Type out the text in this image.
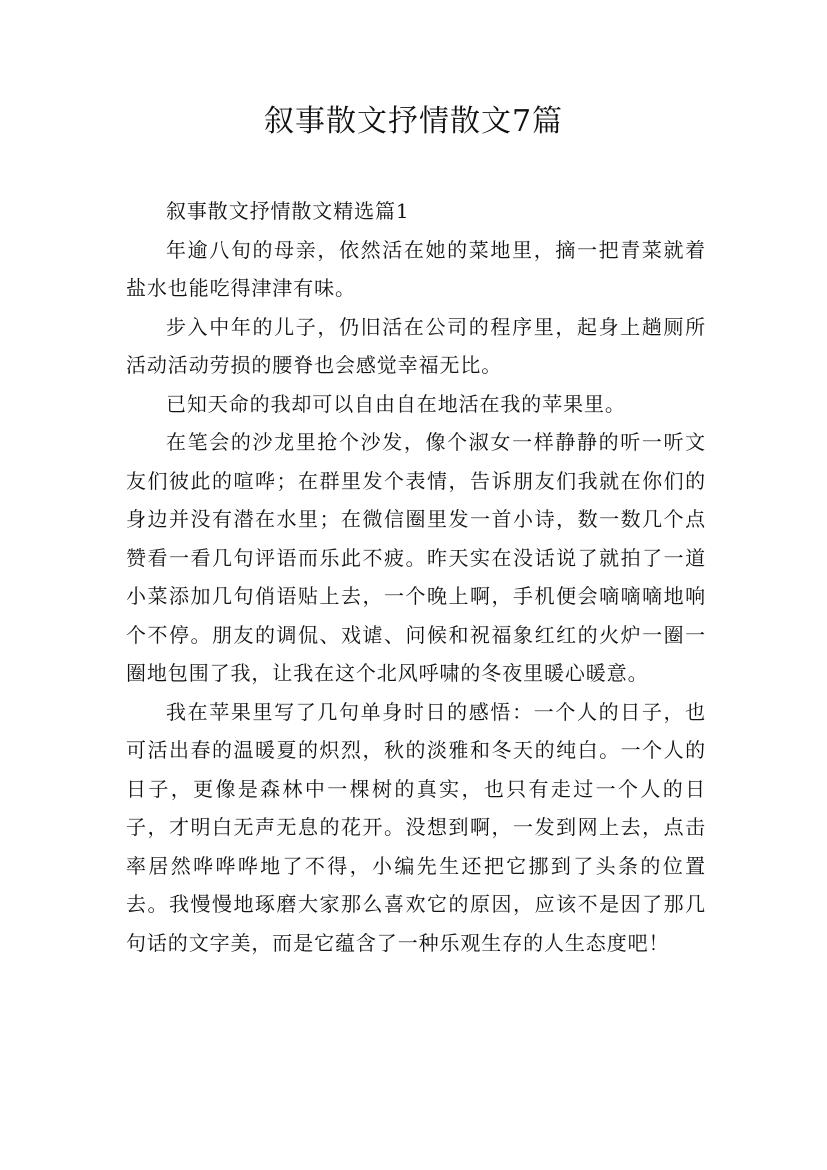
叙事散文抒情散文7篇

叙事散文抒情散文精选篇1

年逾八旬的母亲，依然活在她的菜地里，摘一把青菜就着盐水也能吃得津津有味。

步入中年的儿子，仍旧活在公司的程序里，起身上趟厕所活动活动劳损的腰脊也会感觉幸福无比。

已知天命的我却可以自由自在地活在我的苹果里。

在笔会的沙龙里抢个沙发，像个淑女一样静静的听一听文友们彼此的喧哗；在群里发个表情，告诉朋友们我就在你们的身边并没有潜在水里；在微信圈里发一首小诗，数一数几个点赞看一看几句评语而乐此不疲。昨天实在没话说了就拍了一道小菜添加几句俏语贴上去，一个晚上啊，手机便会嘀嘀嘀地响个不停。朋友的调侃、戏谑、问候和祝福象红红的火炉一圈一圈地包围了我，让我在这个北风呼啸的冬夜里暖心暖意。

我在苹果里写了几句单身时日的感悟：一个人的日子，也可活出春的温暖夏的炽烈，秋的淡雅和冬天的纯白。一个人的日子，更像是森林中一棵树的真实，也只有走过一个人的日子，才明白无声无息的花开。没想到啊，一发到网上去，点击率居然哗哗哗地了不得，小编先生还把它挪到了头条的位置去。我慢慢地琢磨大家那么喜欢它的原因，应该不是因了那几句话的文字美，而是它蕴含了一种乐观生存的人生态度吧！
